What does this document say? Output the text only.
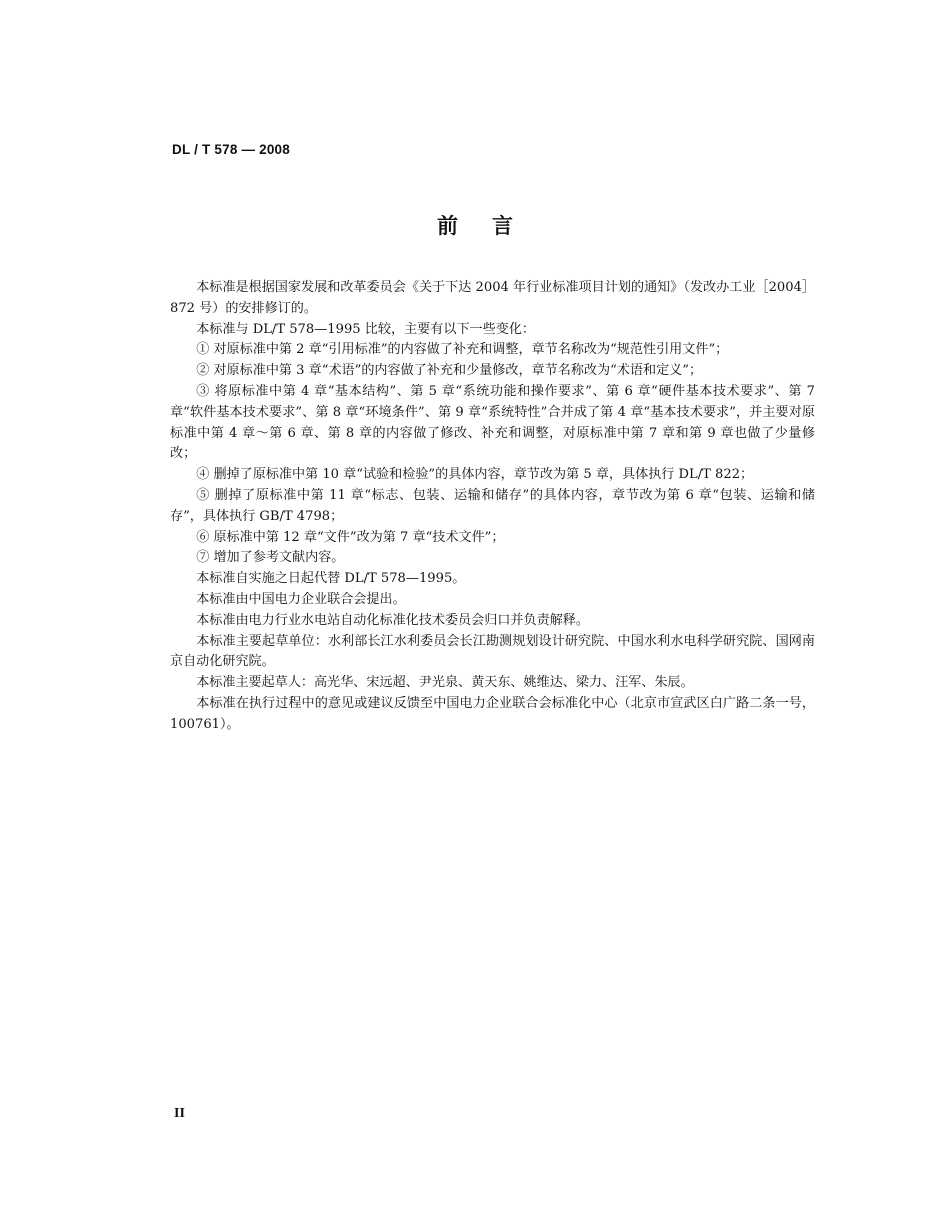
DL / T 578 — 2008
前言

本标准是根据国家发展和改革委员会《关于下达 2004 年行业标准项目计划的通知》（发改办工业［2004］872 号）的安排修订的。

本标准与 DL/T 578—1995 比较，主要有以下一些变化：

① 对原标准中第 2 章“引用标准”的内容做了补充和调整，章节名称改为“规范性引用文件”；

② 对原标准中第 3 章“术语”的内容做了补充和少量修改，章节名称改为“术语和定义”；

③ 将原标准中第 4 章“基本结构”、第 5 章“系统功能和操作要求”、第 6 章“硬件基本技术要求”、第 7 章“软件基本技术要求”、第 8 章“环境条件”、第 9 章“系统特性”合并成了第 4 章“基本技术要求”，并主要对原标准中第 4 章～第 6 章、第 8 章的内容做了修改、补充和调整，对原标准中第 7 章和第 9 章也做了少量修改；

④ 删掉了原标准中第 10 章“试验和检验”的具体内容，章节改为第 5 章，具体执行 DL/T 822；

⑤ 删掉了原标准中第 11 章“标志、包装、运输和储存”的具体内容，章节改为第 6 章“包装、运输和储存”，具体执行 GB/T 4798；

⑥ 原标准中第 12 章“文件”改为第 7 章“技术文件”；

⑦ 增加了参考文献内容。

本标准自实施之日起代替 DL/T 578—1995。

本标准由中国电力企业联合会提出。

本标准由电力行业水电站自动化标准化技术委员会归口并负责解释。

本标准主要起草单位：水利部长江水利委员会长江勘测规划设计研究院、中国水利水电科学研究院、国网南京自动化研究院。

本标准主要起草人：高光华、宋远超、尹光泉、黄天东、姚维达、梁力、汪军、朱辰。

本标准在执行过程中的意见或建议反馈至中国电力企业联合会标准化中心（北京市宣武区白广路二条一号，100761）。

II
